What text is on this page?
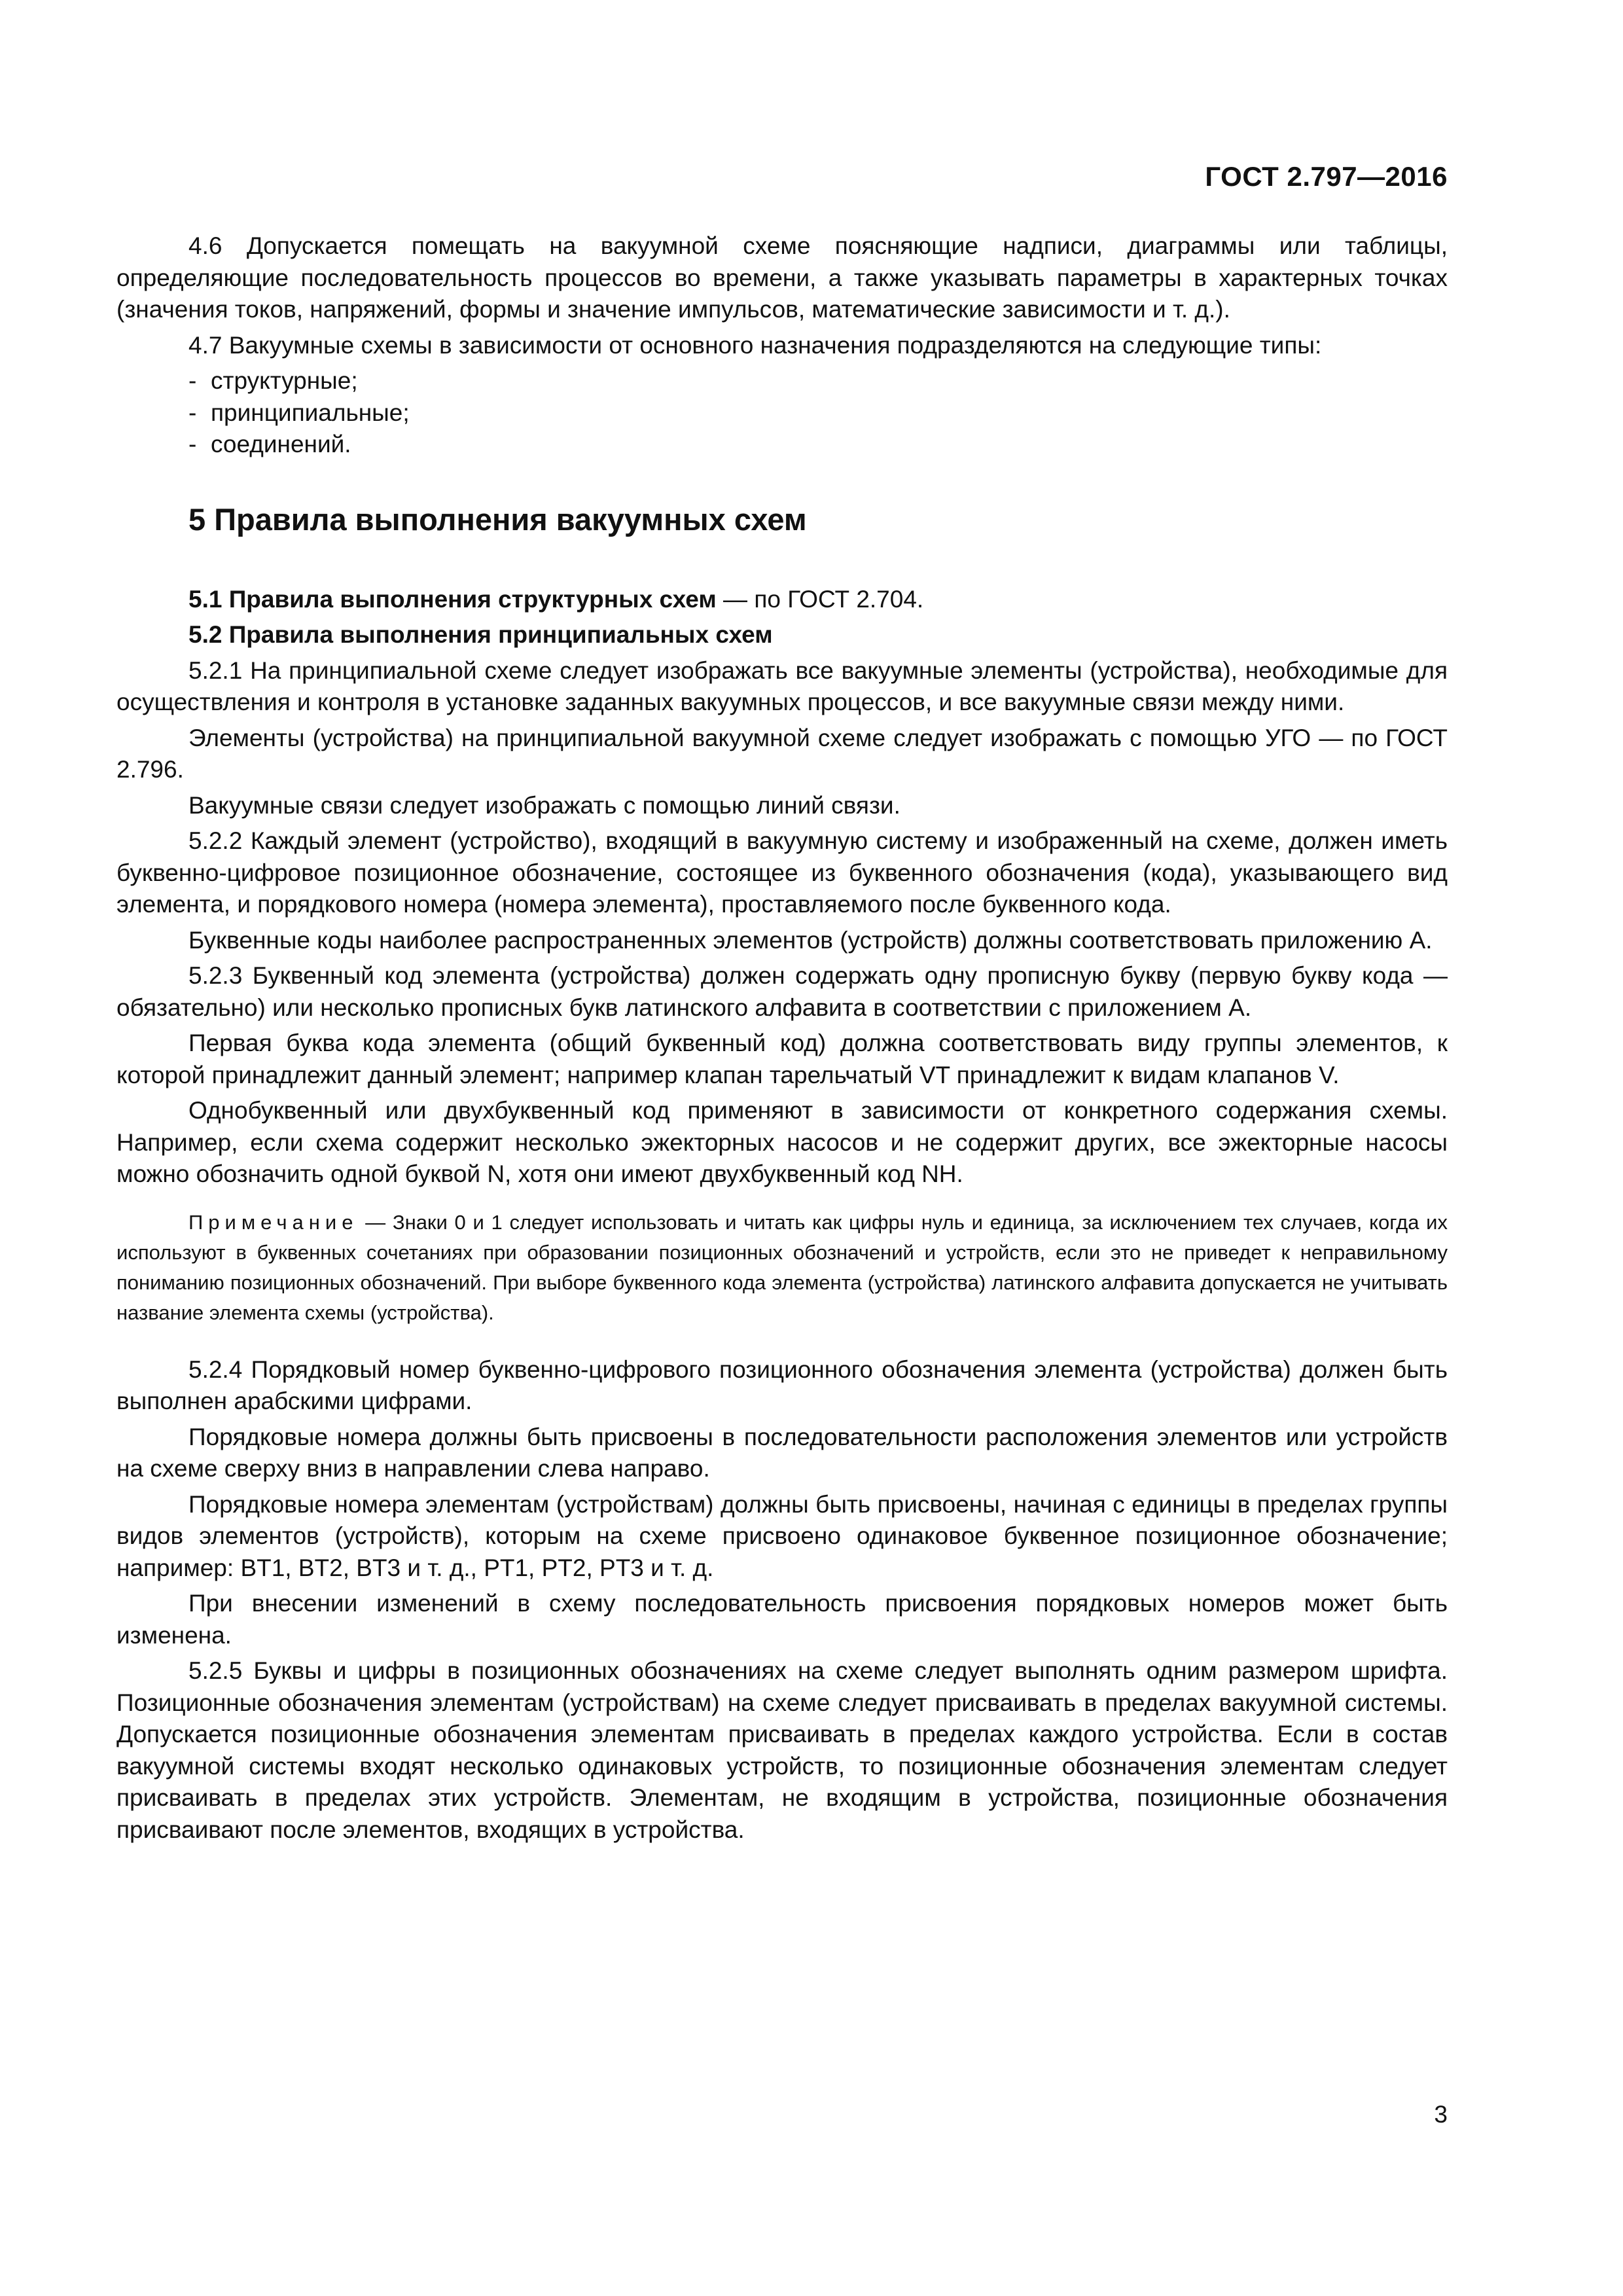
ГОСТ 2.797—2016

4.6 Допускается помещать на вакуумной схеме поясняющие надписи, диаграммы или таблицы, определяющие последовательность процессов во времени, а также указывать параметры в характерных точках (значения токов, напряжений, формы и значение импульсов, математические зависимости и т. д.).

4.7 Вакуумные схемы в зависимости от основного назначения подразделяются на следующие типы:

- структурные;
- принципиальные;
- соединений.
5 Правила выполнения вакуумных схем

5.1 Правила выполнения структурных схем — по ГОСТ 2.704.

5.2 Правила выполнения принципиальных схем

5.2.1 На принципиальной схеме следует изображать все вакуумные элементы (устройства), необходимые для осуществления и контроля в установке заданных вакуумных процессов, и все вакуумные связи между ними.

Элементы (устройства) на принципиальной вакуумной схеме следует изображать с помощью УГО — по ГОСТ 2.796.

Вакуумные связи следует изображать с помощью линий связи.

5.2.2 Каждый элемент (устройство), входящий в вакуумную систему и изображенный на схеме, должен иметь буквенно-цифровое позиционное обозначение, состоящее из буквенного обозначения (кода), указывающего вид элемента, и порядкового номера (номера элемента), проставляемого после буквенного кода.

Буквенные коды наиболее распространенных элементов (устройств) должны соответствовать приложению А.

5.2.3 Буквенный код элемента (устройства) должен содержать одну прописную букву (первую букву кода — обязательно) или несколько прописных букв латинского алфавита в соответствии с приложением А.

Первая буква кода элемента (общий буквенный код) должна соответствовать виду группы элементов, к которой принадлежит данный элемент; например клапан тарельчатый VT принадлежит к видам клапанов V.

Однобуквенный или двухбуквенный код применяют в зависимости от конкретного содержания схемы. Например, если схема содержит несколько эжекторных насосов и не содержит других, все эжекторные насосы можно обозначить одной буквой N, хотя они имеют двухбуквенный код NH.

Примечание — Знаки 0 и 1 следует использовать и читать как цифры нуль и единица, за исключением тех случаев, когда их используют в буквенных сочетаниях при образовании позиционных обозначений и устройств, если это не приведет к неправильному пониманию позиционных обозначений. При выборе буквенного кода элемента (устройства) латинского алфавита допускается не учитывать название элемента схемы (устройства).

5.2.4 Порядковый номер буквенно-цифрового позиционного обозначения элемента (устройства) должен быть выполнен арабскими цифрами.

Порядковые номера должны быть присвоены в последовательности расположения элементов или устройств на схеме сверху вниз в направлении слева направо.

Порядковые номера элементам (устройствам) должны быть присвоены, начиная с единицы в пределах группы видов элементов (устройств), которым на схеме присвоено одинаковое буквенное позиционное обозначение; например: BT1, BT2, BT3 и т. д., PT1, PT2, PT3 и т. д.

При внесении изменений в схему последовательность присвоения порядковых номеров может быть изменена.

5.2.5 Буквы и цифры в позиционных обозначениях на схеме следует выполнять одним размером шрифта. Позиционные обозначения элементам (устройствам) на схеме следует присваивать в пределах вакуумной системы. Допускается позиционные обозначения элементам присваивать в пределах каждого устройства. Если в состав вакуумной системы входят несколько одинаковых устройств, то позиционные обозначения элементам следует присваивать в пределах этих устройств. Элементам, не входящим в устройства, позиционные обозначения присваивают после элементов, входящих в устройства.

3
